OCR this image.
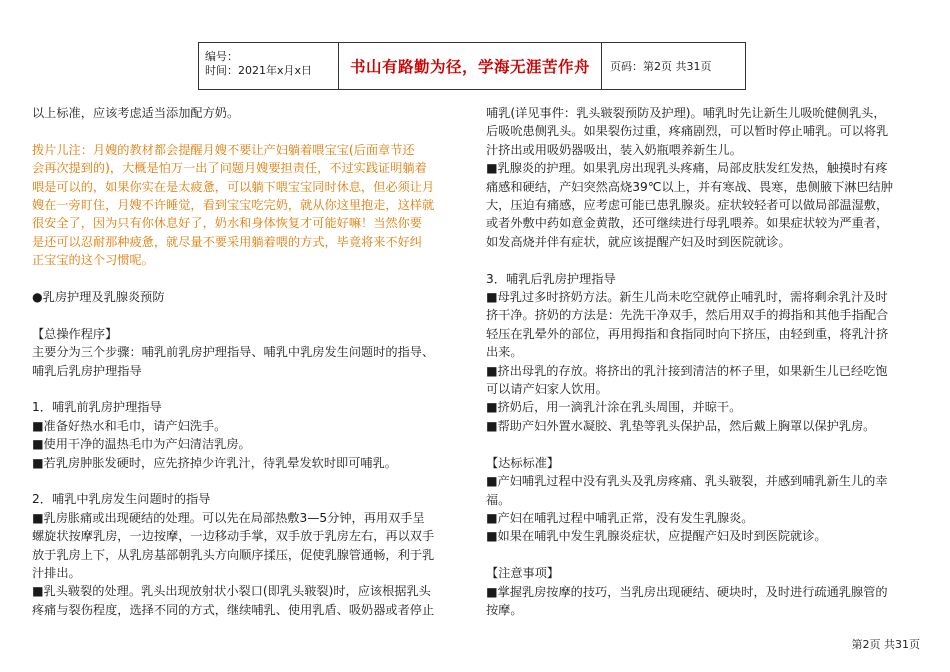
编号：
时间：2021年x月x日	书山有路勤为径，学海无涯苦作舟	页码：第2页 共31页

以上标准，应该考虑适当添加配方奶。

拨片儿注：月嫂的教材都会提醒月嫂不要让产妇躺着喂宝宝(后面章节还

会再次提到的)，大概是怕万一出了问题月嫂要担责任，不过实践证明躺着

喂是可以的，如果你实在是太疲惫，可以躺下喂宝宝同时休息，但必须让月

嫂在一旁盯住，月嫂不许睡觉，看到宝宝吃完奶，就从你这里抱走，这样就

很安全了，因为只有你休息好了，奶水和身体恢复才可能好嘛！当然你要

是还可以忍耐那种疲惫，就尽量不要采用躺着喂的方式，毕竟将来不好纠

正宝宝的这个习惯呢。

●乳房护理及乳腺炎预防

【总操作程序】

主要分为三个步骤：哺乳前乳房护理指导、哺乳中乳房发生问题时的指导、

哺乳后乳房护理指导

1．哺乳前乳房护理指导

■准备好热水和毛巾，请产妇洗手。

■使用干净的温热毛巾为产妇清洁乳房。

■若乳房肿胀发硬时，应先挤掉少许乳汁，待乳晕发软时即可哺乳。

2．哺乳中乳房发生问题时的指导

■乳房胀痛或出现硬结的处理。可以先在局部热敷3—5分钟，再用双手呈

螺旋状按摩乳房，一边按摩，一边移动手掌，双手放于乳房左右，再以双手

放于乳房上下，从乳房基部朝乳头方向顺序揉压，促使乳腺管通畅，利于乳

汁排出。

■乳头皲裂的处理。乳头出现放射状小裂口(即乳头皲裂)时，应该根据乳头

疼痛与裂伤程度，选择不同的方式，继续哺乳、使用乳盾、吸奶器或者停止

哺乳(详见事件：乳头皲裂预防及护理)。哺乳时先让新生儿吸吮健侧乳头，

后吸吮患侧乳头。如果裂伤过重，疼痛剧烈，可以暂时停止哺乳。可以将乳

汁挤出或用吸奶器吸出，装入奶瓶喂养新生儿。

■乳腺炎的护理。如果乳房出现乳头疼痛，局部皮肤发红发热，触摸时有疼

痛感和硬结，产妇突然高烧39℃以上，并有寒战、畏寒，患侧腋下淋巴结肿

大，压迫有痛感，应考虑可能已患乳腺炎。症状较轻者可以做局部温湿敷，

或者外敷中药如意金黄散，还可继续进行母乳喂养。如果症状较为严重者，

如发高烧并伴有症状，就应该提醒产妇及时到医院就诊。

3．哺乳后乳房护理指导

■母乳过多时挤奶方法。新生儿尚未吃空就停止哺乳时，需将剩余乳汁及时

挤干净。挤奶的方法是：先洗干净双手，然后用双手的拇指和其他手指配合

轻压在乳晕外的部位，再用拇指和食指同时向下挤压，由轻到重，将乳汁挤

出来。

■挤出母乳的存放。将挤出的乳汁接到清洁的杯子里，如果新生儿已经吃饱

可以请产妇家人饮用。

■挤奶后，用一滴乳汁涂在乳头周围，并晾干。

■帮助产妇外置水凝胶、乳垫等乳头保护品，然后戴上胸罩以保护乳房。

【达标标准】

■产妇哺乳过程中没有乳头及乳房疼痛、乳头皲裂，并感到哺乳新生儿的幸

福。

■产妇在哺乳过程中哺乳正常，没有发生乳腺炎。

■如果在哺乳中发生乳腺炎症状，应提醒产妇及时到医院就诊。

【注意事项】

■掌握乳房按摩的技巧，当乳房出现硬结、硬块时，及时进行疏通乳腺管的

按摩。

第2页 共31页
